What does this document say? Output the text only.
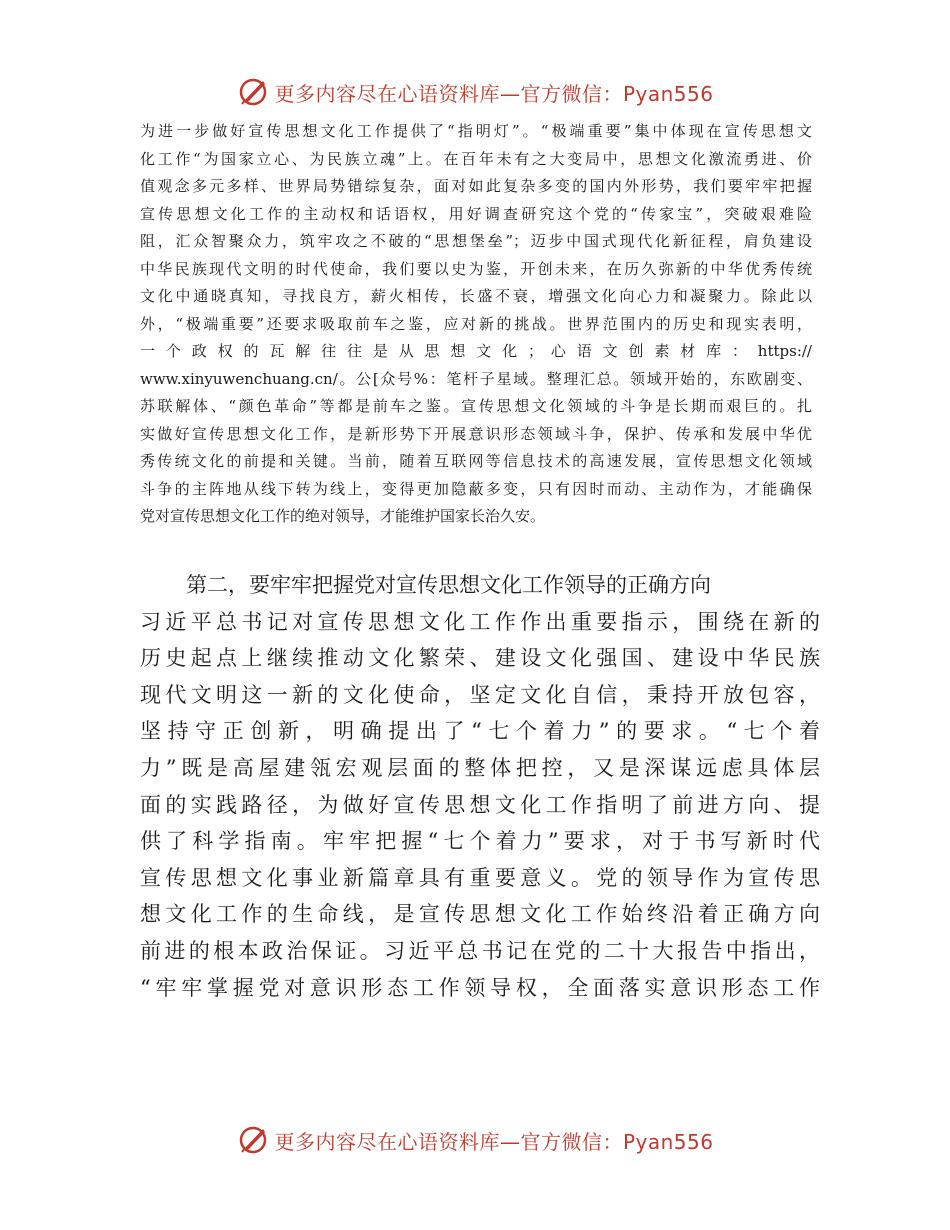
更多内容尽在心语资料库—官方微信：Pyan556
为进一步做好宣传思想文化工作提供了“指明灯”。“极端重要”集中体现在宣传思想文
化工作“为国家立心、为民族立魂”上。在百年未有之大变局中，思想文化激流勇进、价
值观念多元多样、世界局势错综复杂，面对如此复杂多变的国内外形势，我们要牢牢把握
宣传思想文化工作的主动权和话语权，用好调查研究这个党的“传家宝”，突破艰难险
阻，汇众智聚众力，筑牢攻之不破的“思想堡垒”；迈步中国式现代化新征程，肩负建设
中华民族现代文明的时代使命，我们要以史为鉴，开创未来，在历久弥新的中华优秀传统
文化中通晓真知，寻找良方，薪火相传，长盛不衰，增强文化向心力和凝聚力。除此以
外，“极端重要”还要求吸取前车之鉴，应对新的挑战。世界范围内的历史和现实表明，
一 个 政 权 的 瓦 解 往 往 是 从 思 想 文 化 ； 心 语 文 创 素 材 库 ： https://
www.xinyuwenchuang.cn/。公[众号%：笔杆子星域。整理汇总。领域开始的，东欧剧变、
苏联解体、“颜色革命”等都是前车之鉴。宣传思想文化领域的斗争是长期而艰巨的。扎
实做好宣传思想文化工作，是新形势下开展意识形态领域斗争，保护、传承和发展中华优
秀传统文化的前提和关键。当前，随着互联网等信息技术的高速发展，宣传思想文化领域
斗争的主阵地从线下转为线上，变得更加隐蔽多变，只有因时而动、主动作为，才能确保
党对宣传思想文化工作的绝对领导，才能维护国家长治久安。
第二，要牢牢把握党对宣传思想文化工作领导的正确方向
习近平总书记对宣传思想文化工作作出重要指示，围绕在新的
历史起点上继续推动文化繁荣、建设文化强国、建设中华民族
现代文明这一新的文化使命，坚定文化自信，秉持开放包容，
坚持守正创新，明确提出了“七个着力”的要求。“七个着
力”既是高屋建瓴宏观层面的整体把控，又是深谋远虑具体层
面的实践路径，为做好宣传思想文化工作指明了前进方向、提
供了科学指南。牢牢把握“七个着力”要求，对于书写新时代
宣传思想文化事业新篇章具有重要意义。党的领导作为宣传思
想文化工作的生命线，是宣传思想文化工作始终沿着正确方向
前进的根本政治保证。习近平总书记在党的二十大报告中指出，
“牢牢掌握党对意识形态工作领导权，全面落实意识形态工作
更多内容尽在心语资料库—官方微信：Pyan556
